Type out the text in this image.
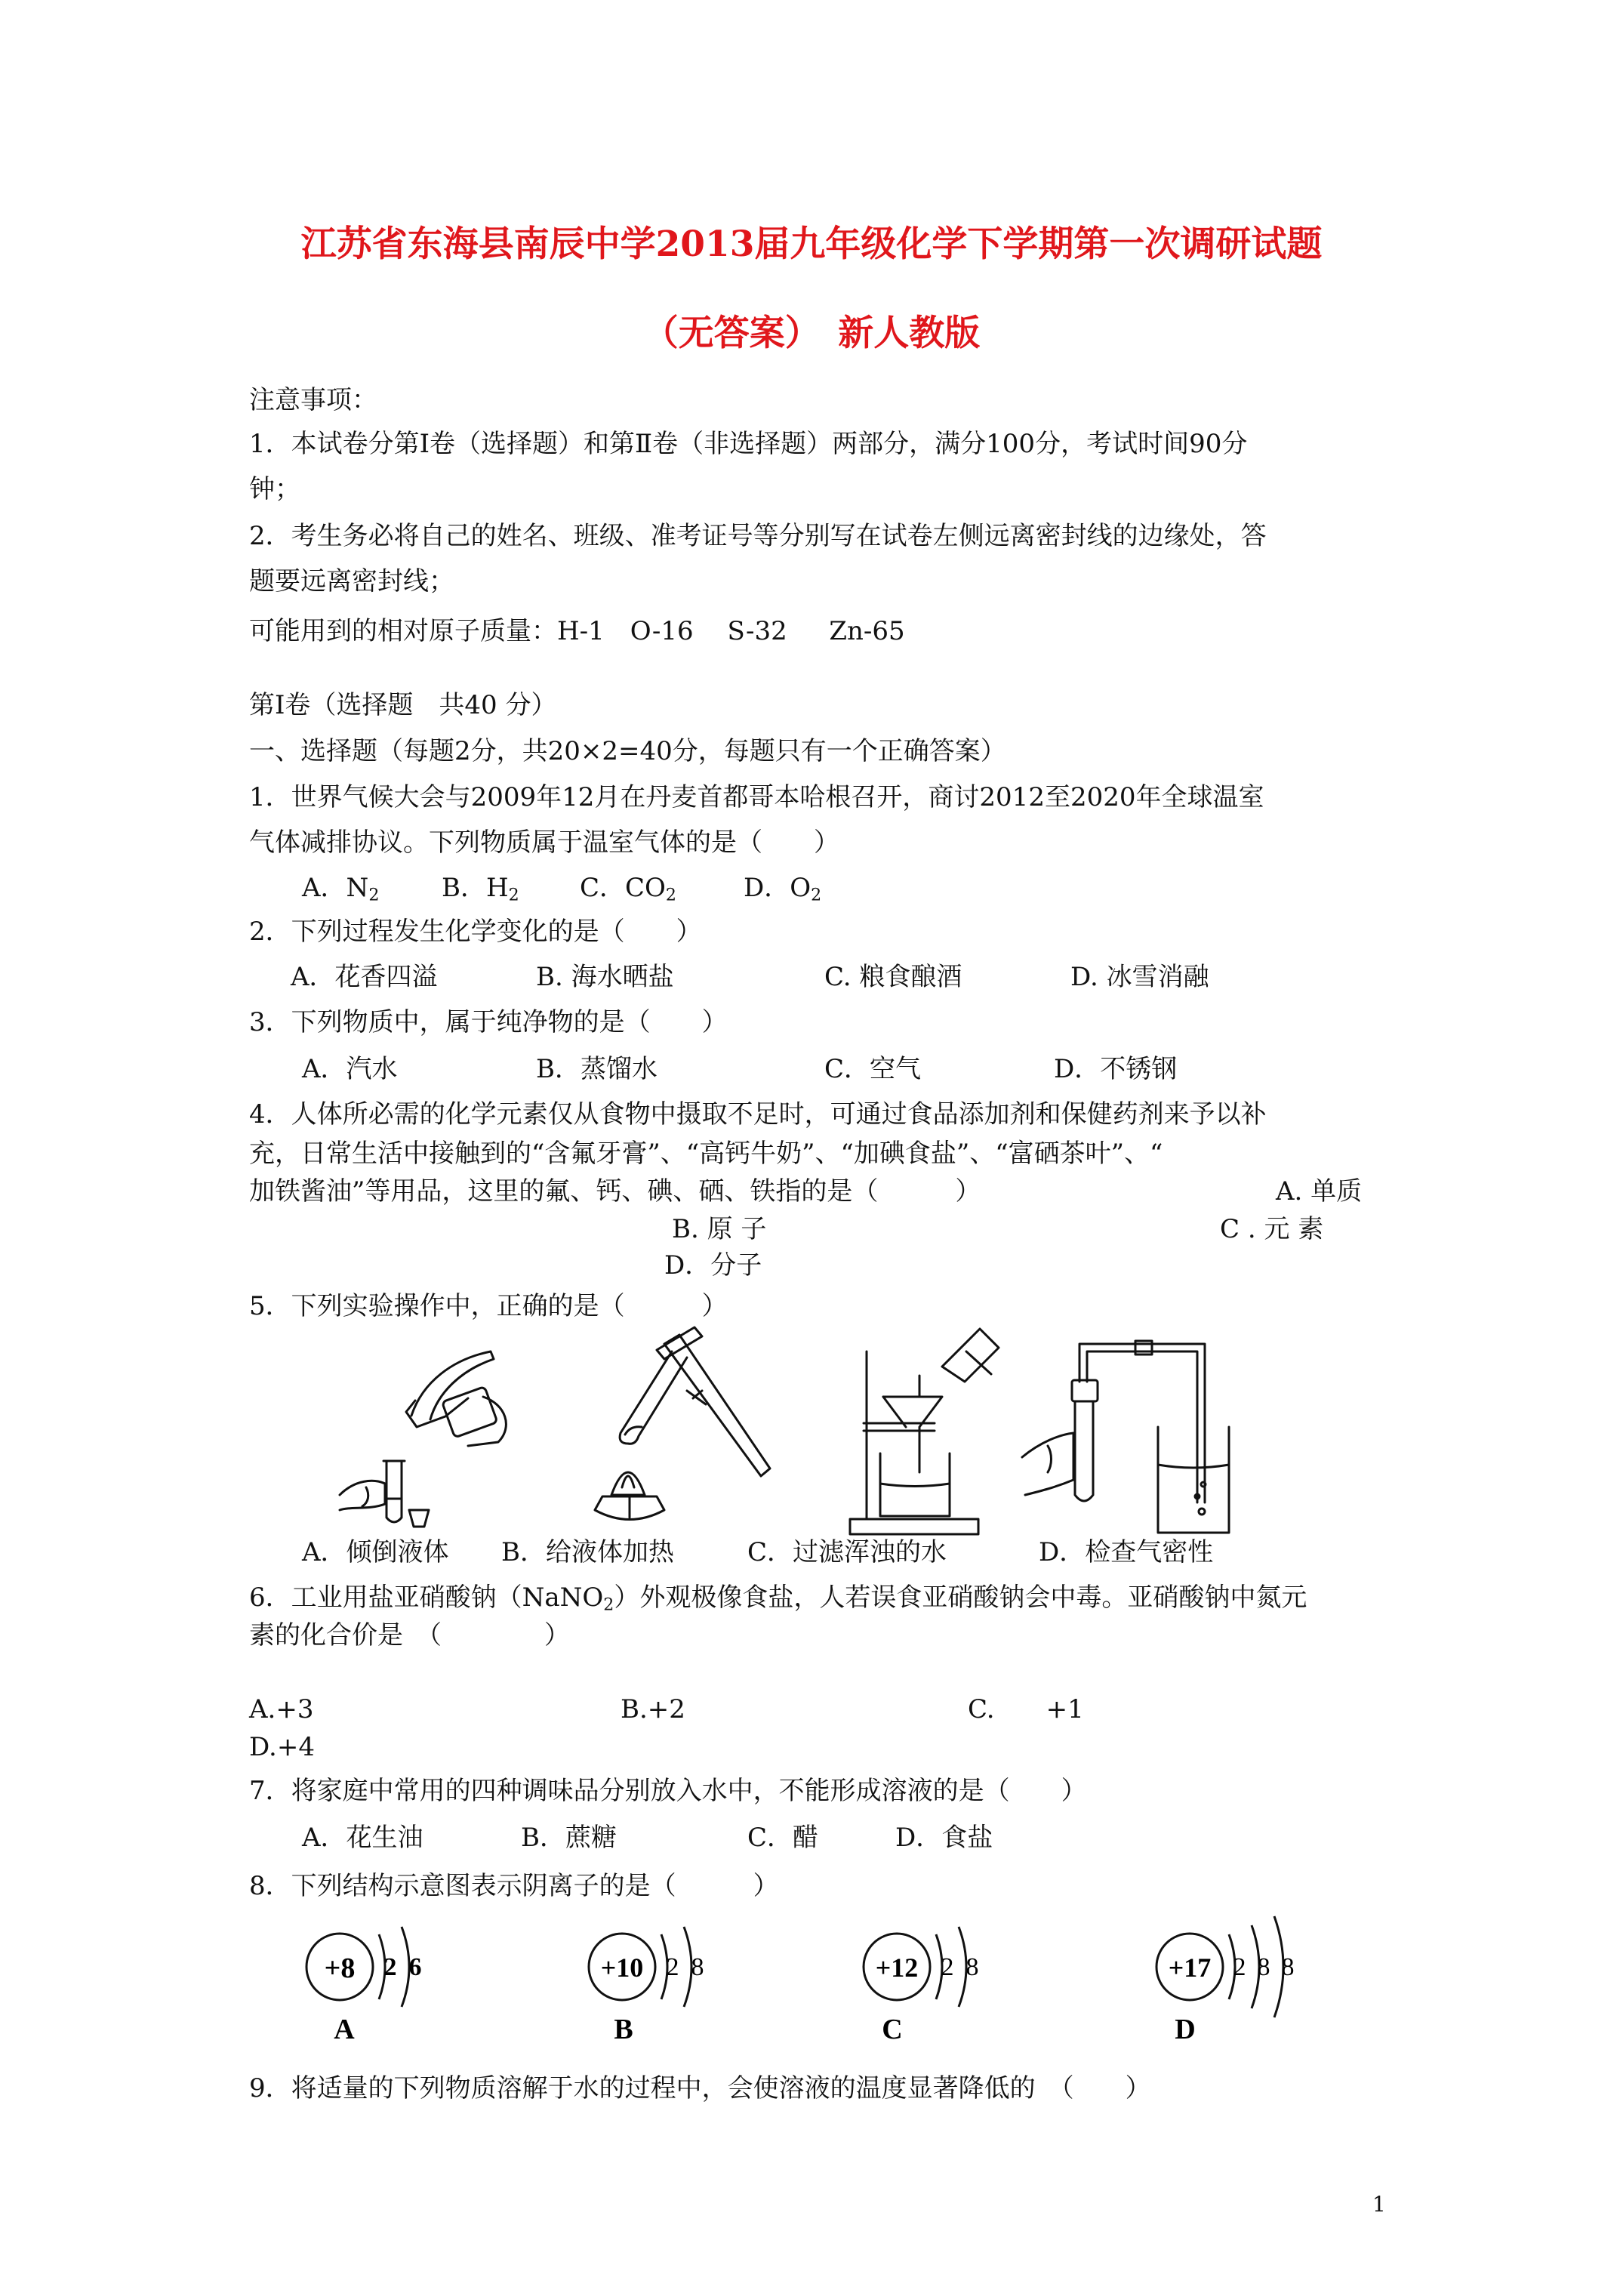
江苏省东海县南辰中学2013届九年级化学下学期第一次调研试题
（无答案）　新人教版
注意事项：
1．本试卷分第Ⅰ卷（选择题）和第Ⅱ卷（非选择题）两部分，满分100分，考试时间90分
钟；
2．考生务必将自己的姓名、班级、准考证号等分别写在试卷左侧远离密封线的边缘处，答
题要远离密封线；
可能用到的相对原子质量：H-1　O-16　 S-32 　 Zn-65
第Ⅰ卷（选择题　共40 分）
一、选择题（每题2分，共20×2=40分，每题只有一个正确答案）
1．世界气候大会与2009年12月在丹麦首都哥本哈根召开，商讨2012至2020年全球温室
气体减排协议。下列物质属于温室气体的是（　　）
A．$N_2$ B．$H_2$ C．$CO_2$	D．$O_2$
2．下列过程发生化学变化的是（　　）
A．花香四溢	B. 海水晒盐	C. 粮食酿酒	D. 冰雪消融
3．下列物质中，属于纯净物的是（　　）
A．汽水	B．蒸馏水	C．空气	D．不锈钢
4．人体所必需的化学元素仅从食物中摄取不足时，可通过食品添加剂和保健药剂来予以补
充，日常生活中接触到的“含氟牙膏”、“高钙牛奶”、“加碘食盐”、“富硒茶叶”、“
加铁酱油”等用品，这里的氟、钙、碘、硒、铁指的是（　　　）	A. 单质
B. 原 子	C . 元 素
D．分子
5．下列实验操作中，正确的是（　　　）
A．倾倒液体 B．给液体加热	C．过滤浑浊的水	D．检查气密性
6．工业用盐亚硝酸钠（NaNO$_2$）外观极像食盐，人若误食亚硝酸钠会中毒。亚硝酸钠中氮元
素的化合价是　（　　　　）
A.+3	B.+2	C.　　+1
D.+4
7．将家庭中常用的四种调味品分别放入水中，不能形成溶液的是（　　）
A．花生油	B．蔗糖	C．醋	D．食盐
8．下列结构示意图表示阴离子的是（　　　）
+8 2 6
A
+10 2 8
B
+12 2 8
C
+17 2 8 8
D
9．将适量的下列物质溶解于水的过程中，会使溶液的温度显著降低的　（　　）
1
